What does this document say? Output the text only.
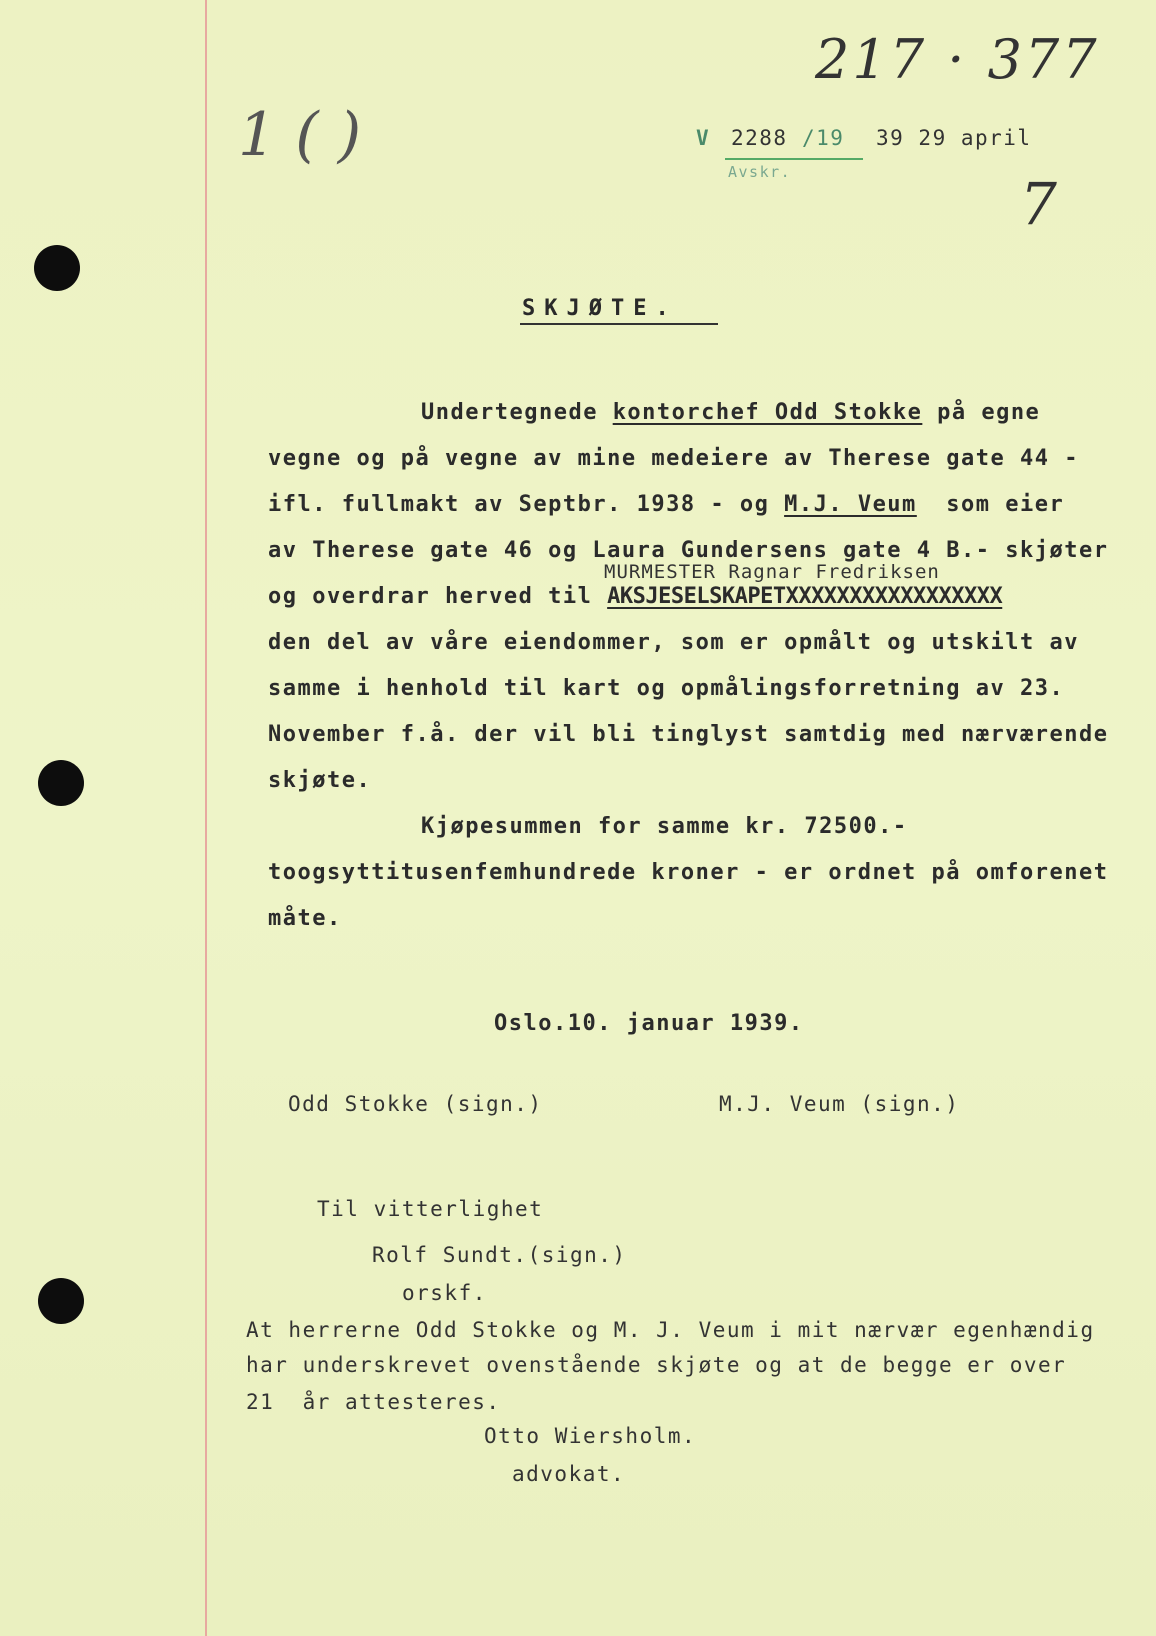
217 · 377
1 ( )	V 2288 /19 39 29 april
Avskr.	7
SKJØTE.
Undertegnede kontorchef Odd Stokke på egne
vegne og på vegne av mine medeiere av Therese gate 44 -
ifl. fullmakt av Septbr. 1938 - og M.J. Veum  som eier
av Therese gate 46 og Laura Gundersens gate 4 B.- skjøter
MURMESTER Ragnar Fredriksen
og overdrar herved til AKSJESELSKAPETXXXXXXXXXXXXXXXXX
den del av våre eiendommer, som er opmålt og utskilt av
samme i henhold til kart og opmålingsforretning av 23.
November f.å. der vil bli tinglyst samtdig med nærværende
skjøte.
Kjøpesummen for samme kr. 72500.-
toogsyttitusenfemhundrede kroner - er ordnet på omforenet
måte.
Oslo.10. januar 1939.
Odd Stokke (sign.)	M.J. Veum (sign.)
Til vitterlighet
Rolf Sundt.(sign.)
orskf.
At herrerne Odd Stokke og M. J. Veum i mit nærvær egenhændig
har underskrevet ovenstående skjøte og at de begge er over
21  år attesteres.
Otto Wiersholm.
advokat.
